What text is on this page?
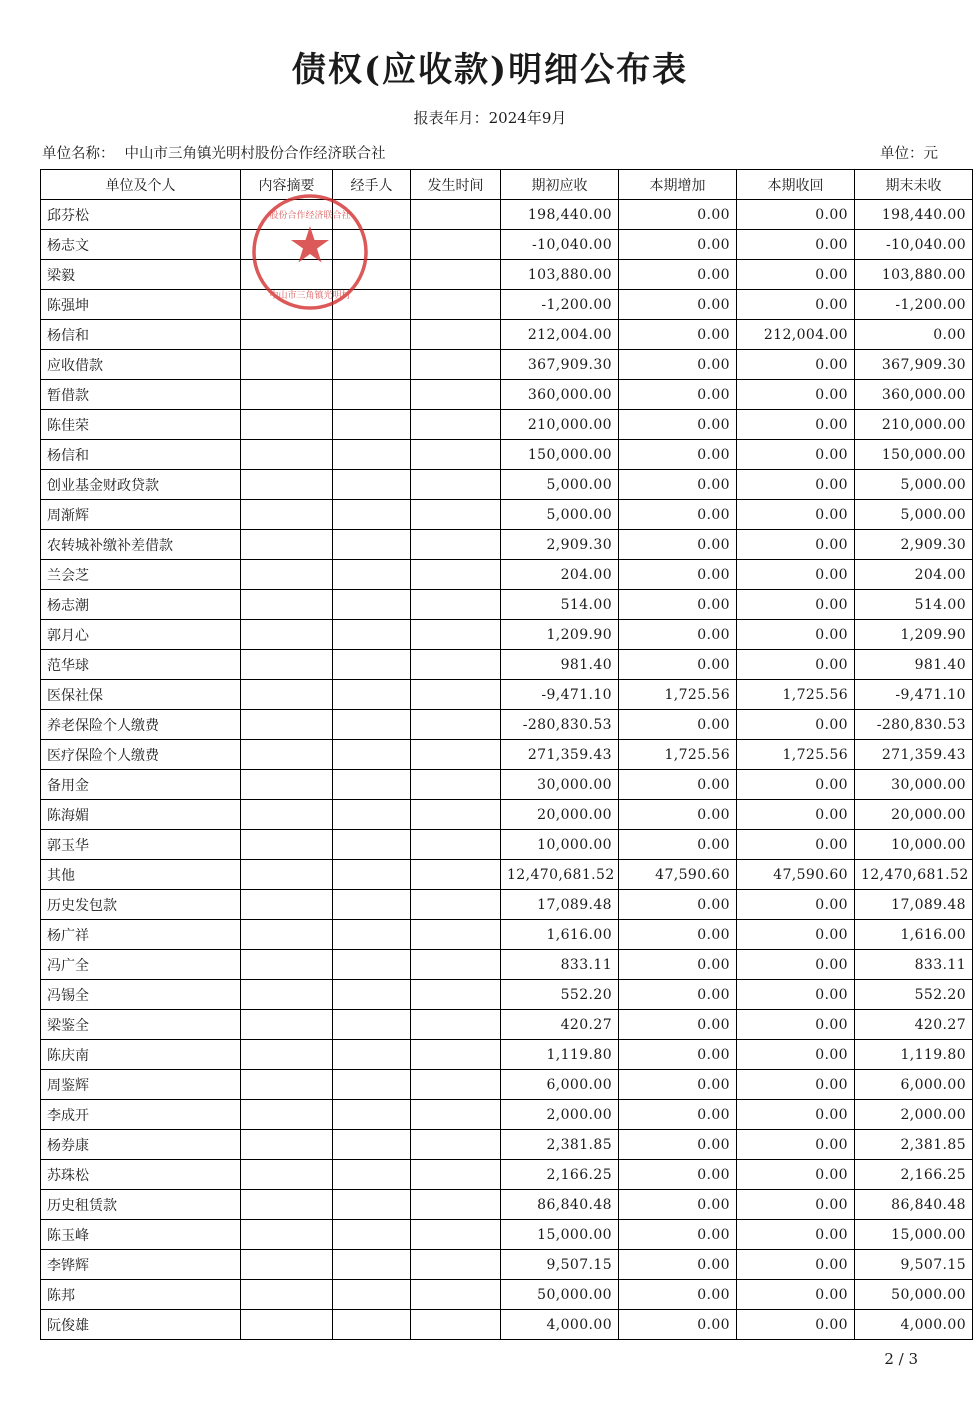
债权(应收款)明细公布表
报表年月：2024年9月
单位名称： 中山市三角镇光明村股份合作经济联合社	单位：元
单位及个人	内容摘要	经手人	发生时间	期初应收	本期增加	本期收回	期末未收
邱芬松				198,440.00	0.00	0.00	198,440.00
杨志文				-10,040.00	0.00	0.00	-10,040.00
梁毅				103,880.00	0.00	0.00	103,880.00
陈强坤				-1,200.00	0.00	0.00	-1,200.00
杨信和				212,004.00	0.00	212,004.00	0.00
应收借款				367,909.30	0.00	0.00	367,909.30
暂借款				360,000.00	0.00	0.00	360,000.00
陈佳荣				210,000.00	0.00	0.00	210,000.00
杨信和				150,000.00	0.00	0.00	150,000.00
创业基金财政贷款				5,000.00	0.00	0.00	5,000.00
周渐辉				5,000.00	0.00	0.00	5,000.00
农转城补缴补差借款				2,909.30	0.00	0.00	2,909.30
兰会芝				204.00	0.00	0.00	204.00
杨志潮				514.00	0.00	0.00	514.00
郭月心				1,209.90	0.00	0.00	1,209.90
范华球				981.40	0.00	0.00	981.40
医保社保				-9,471.10	1,725.56	1,725.56	-9,471.10
养老保险个人缴费				-280,830.53	0.00	0.00	-280,830.53
医疗保险个人缴费				271,359.43	1,725.56	1,725.56	271,359.43
备用金				30,000.00	0.00	0.00	30,000.00
陈海媚				20,000.00	0.00	0.00	20,000.00
郭玉华				10,000.00	0.00	0.00	10,000.00
其他				12,470,681.52	47,590.60	47,590.60	12,470,681.52
历史发包款				17,089.48	0.00	0.00	17,089.48
杨广祥				1,616.00	0.00	0.00	1,616.00
冯广全				833.11	0.00	0.00	833.11
冯锡全				552.20	0.00	0.00	552.20
梁鉴全				420.27	0.00	0.00	420.27
陈庆南				1,119.80	0.00	0.00	1,119.80
周鉴辉				6,000.00	0.00	0.00	6,000.00
李成开				2,000.00	0.00	0.00	2,000.00
杨券康				2,381.85	0.00	0.00	2,381.85
苏珠松				2,166.25	0.00	0.00	2,166.25
历史租赁款				86,840.48	0.00	0.00	86,840.48
陈玉峰				15,000.00	0.00	0.00	15,000.00
李铧辉				9,507.15	0.00	0.00	9,507.15
陈邦				50,000.00	0.00	0.00	50,000.00
阮俊雄				4,000.00	0.00	0.00	4,000.00
中山市三角镇光明村
股份合作经济联合社
2 / 3
